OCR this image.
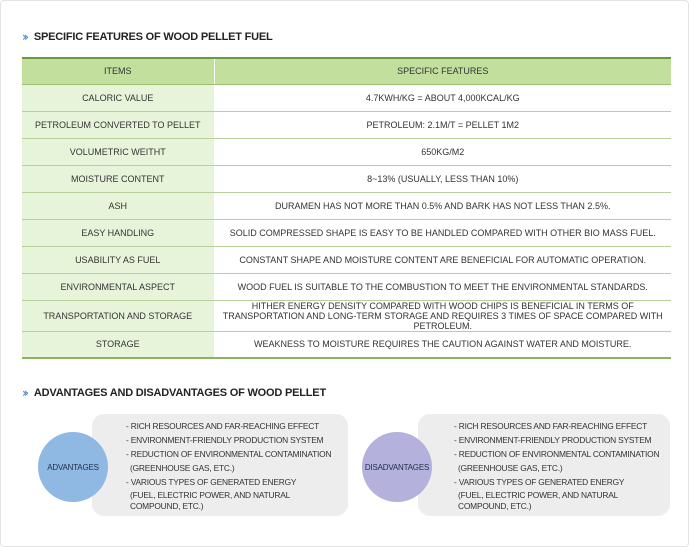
›› SPECIFIC FEATURES OF WOOD PELLET FUEL
ITEMS	SPECIFIC FEATURES
CALORIC VALUE	4.7KWH/KG = ABOUT 4,000KCAL/KG
PETROLEUM CONVERTED TO PELLET	PETROLEUM: 2.1M/T = PELLET 1M2
VOLUMETRIC WEITHT	650KG/M2
MOISTURE CONTENT	8~13% (USUALLY, LESS THAN 10%)
ASH	DURAMEN HAS NOT MORE THAN 0.5% AND BARK HAS NOT LESS THAN 2.5%.
EASY HANDLING	SOLID COMPRESSED SHAPE IS EASY TO BE HANDLED COMPARED WITH OTHER BIO MASS FUEL.
USABILITY AS FUEL	CONSTANT SHAPE AND MOISTURE CONTENT ARE BENEFICIAL FOR AUTOMATIC OPERATION.
ENVIRONMENTAL ASPECT	WOOD FUEL IS SUITABLE TO THE COMBUSTION TO MEET THE ENVIRONMENTAL STANDARDS.
TRANSPORTATION AND STORAGE	HITHER ENERGY DENSITY COMPARED WITH WOOD CHIPS IS BENEFICIAL IN TERMS OF
TRANSPORTATION AND LONG-TERM STORAGE AND REQUIRES 3 TIMES OF SPACE COMPARED WITH PETROLEUM.

STORAGE	WEAKNESS TO MOISTURE REQUIRES THE CAUTION AGAINST WATER AND MOISTURE.
›› ADVANTAGES AND DISADVANTAGES OF WOOD PELLET
ADVANTAGES
- RICH RESOURCES AND FAR-REACHING EFFECT
- ENVIRONMENT-FRIENDLY PRODUCTION SYSTEM
- REDUCTION OF ENVIRONMENTAL CONTAMINATION
(GREENHOUSE GAS, ETC.)
- VARIOUS TYPES OF GENERATED ENERGY
(FUEL, ELECTRIC POWER, AND NATURAL
COMPOUND, ETC.)
DISADVANTAGES
- RICH RESOURCES AND FAR-REACHING EFFECT
- ENVIRONMENT-FRIENDLY PRODUCTION SYSTEM
- REDUCTION OF ENVIRONMENTAL CONTAMINATION
(GREENHOUSE GAS, ETC.)
- VARIOUS TYPES OF GENERATED ENERGY
(FUEL, ELECTRIC POWER, AND NATURAL
COMPOUND, ETC.)
